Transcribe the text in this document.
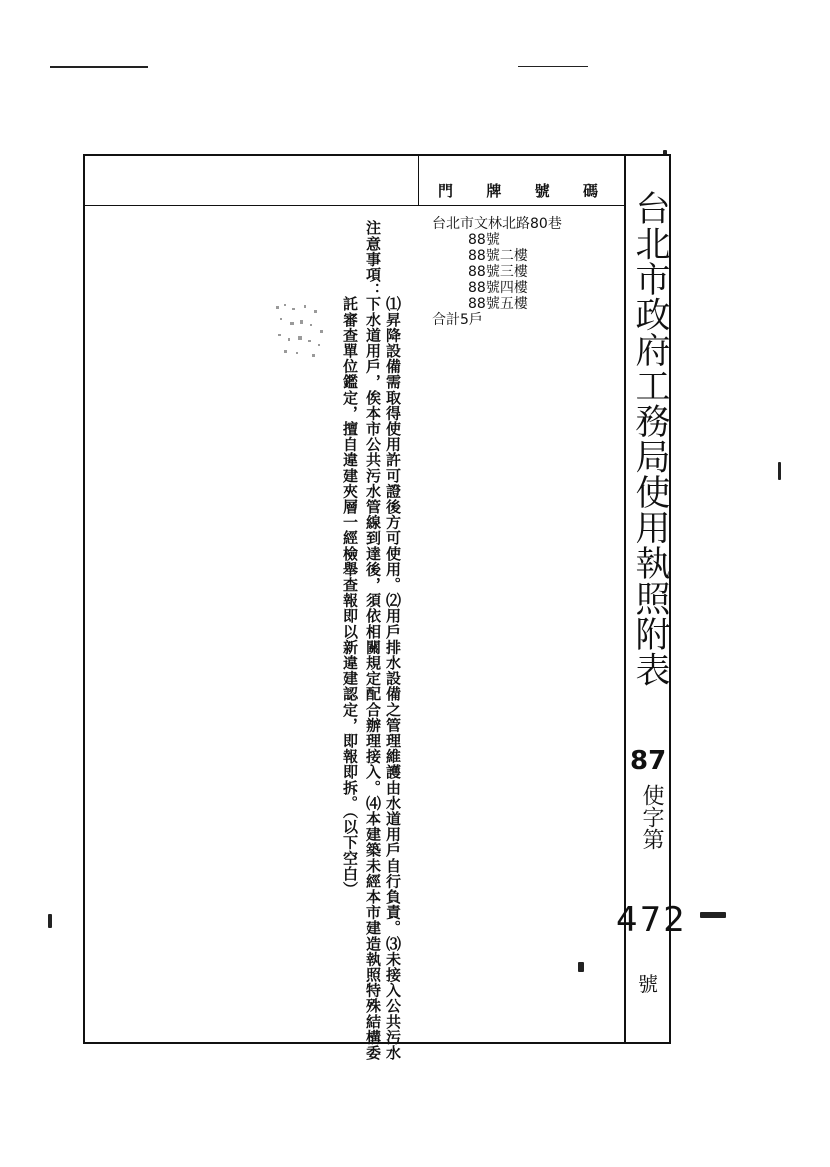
台北市政府工務局使用執照附表
87
使字第
472
號
門 牌 號 碼
台北市文林北路80巷
88號
88號二樓
88號三樓
88號四樓
88號五樓
合計5戶
注意事項：
⑴昇降設備需取得使用許可證後方可使用。⑵用戶排水設備之管理維護由水道用戶自行負責。⑶未接入公共污水
下水道用戶，俟本市公共污水管線到達後，須依相關規定配合辦理接入。⑷本建築未經本市建造執照特殊結構委
託審查單位鑑定，擅自違建夾層一經檢舉查報即以新違建認定，即報即拆。（以下空白）
